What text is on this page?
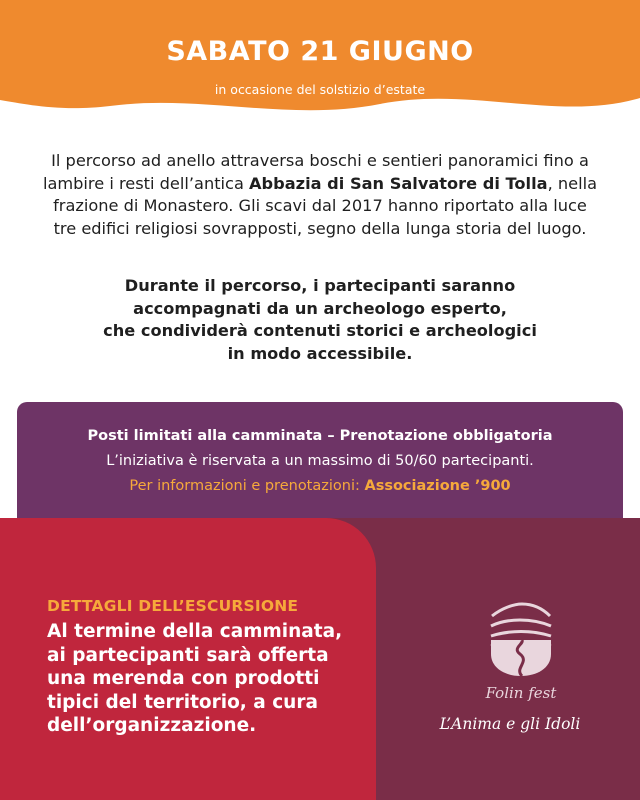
SABATO 21 GIUGNO
in occasione del solstizio d’estate
Il percorso ad anello attraversa boschi e sentieri panoramici fino a lambire i resti dell’antica Abbazia di San Salvatore di Tolla, nella frazione di Monastero. Gli scavi dal 2017 hanno riportato alla luce tre edifici religiosi sovrapposti, segno della lunga storia del luogo.
Durante il percorso, i partecipanti saranno
accompagnati da un archeologo esperto,
che condividerà contenuti storici e archeologici
in modo accessibile.
Posti limitati alla camminata – Prenotazione obbligatoria
L’iniziativa è riservata a un massimo di 50/60 partecipanti.
Per informazioni e prenotazioni: Associazione ’900
DETTAGLI DELL’ESCURSIONE
Al termine della camminata,
ai partecipanti sarà offerta
una merenda con prodotti
tipici del territorio, a cura
dell’organizzazione.
Folin fest
L’Anima e gli Idoli
